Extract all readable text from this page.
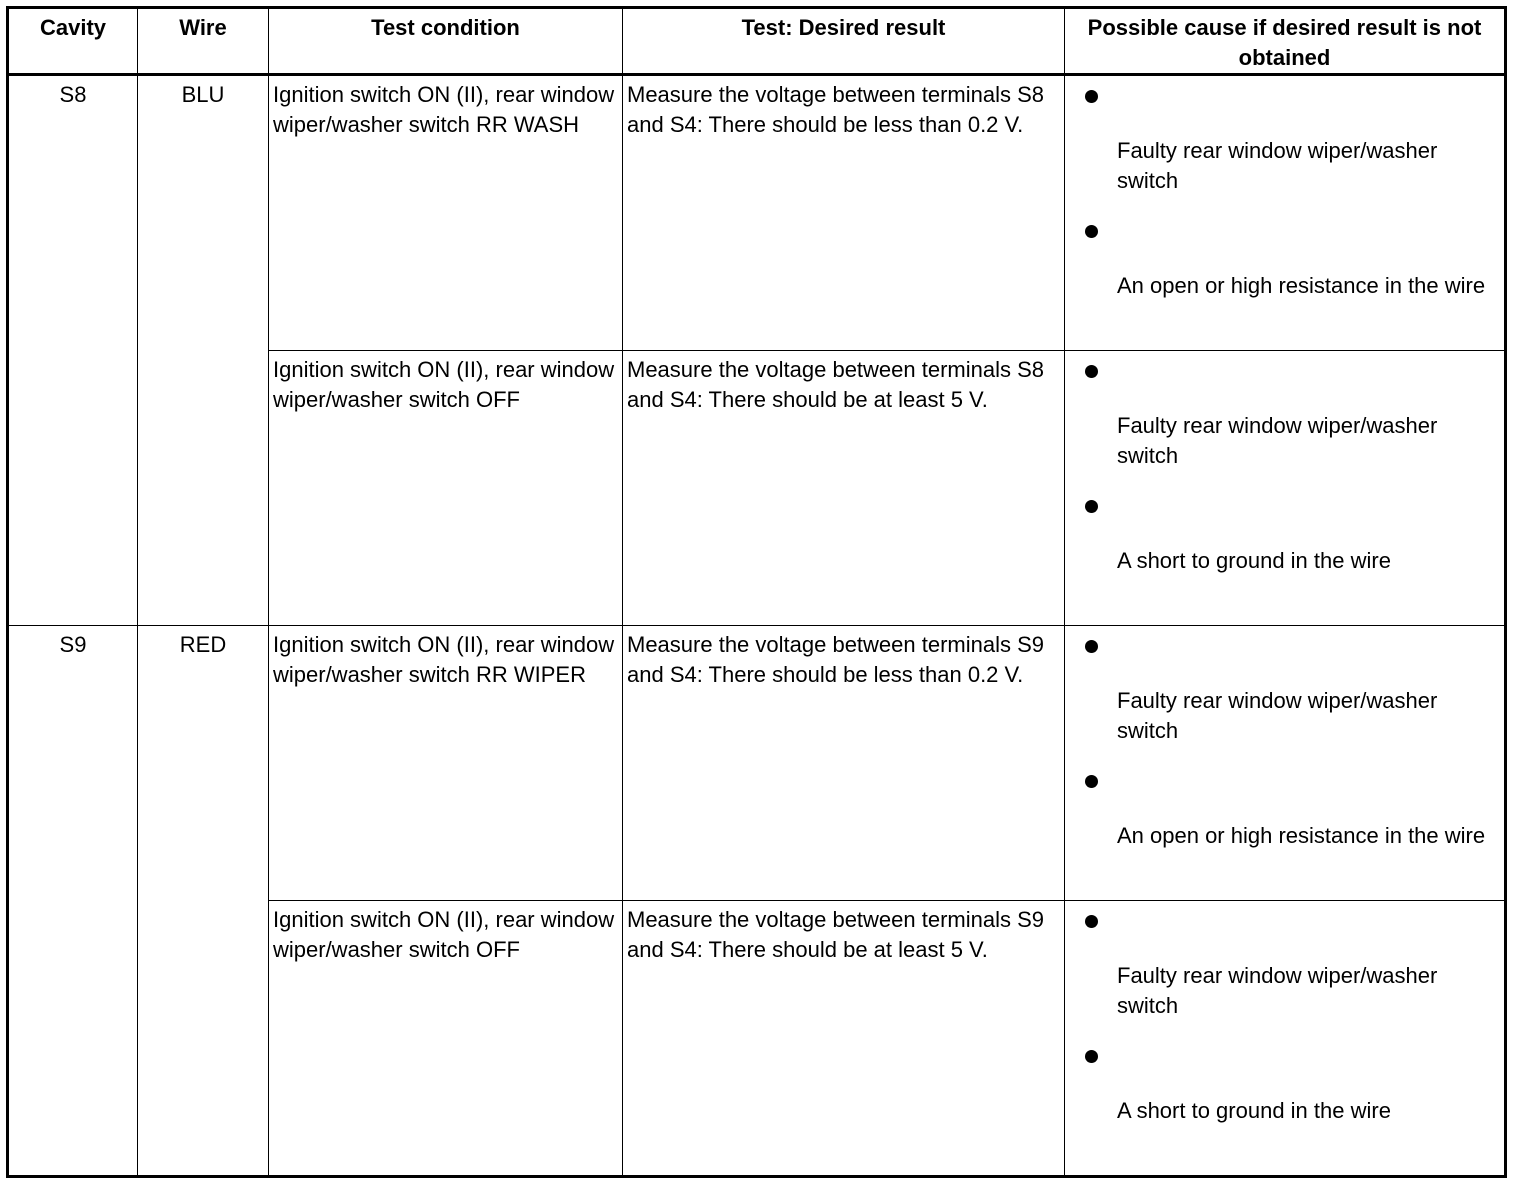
Cavity	Wire	Test condition	Test: Desired result	Possible cause if desired result is not obtained
S8	BLU	Ignition switch ON (II), rear window wiper/washer switch RR WASH	Measure the voltage between terminals S8 and S4: There should be less than 0.2 V.	Faulty rear window wiper/washer switch
An open or high resistance in the wire

		Ignition switch ON (II), rear window wiper/washer switch OFF	Measure the voltage between terminals S8 and S4: There should be at least 5 V.	Faulty rear window wiper/washer switch
A short to ground in the wire

S9	RED	Ignition switch ON (II), rear window wiper/washer switch RR WIPER	Measure the voltage between terminals S9 and S4: There should be less than 0.2 V.	Faulty rear window wiper/washer switch
An open or high resistance in the wire

		Ignition switch ON (II), rear window wiper/washer switch OFF	Measure the voltage between terminals S9 and S4: There should be at least 5 V.	Faulty rear window wiper/washer switch
A short to ground in the wire
